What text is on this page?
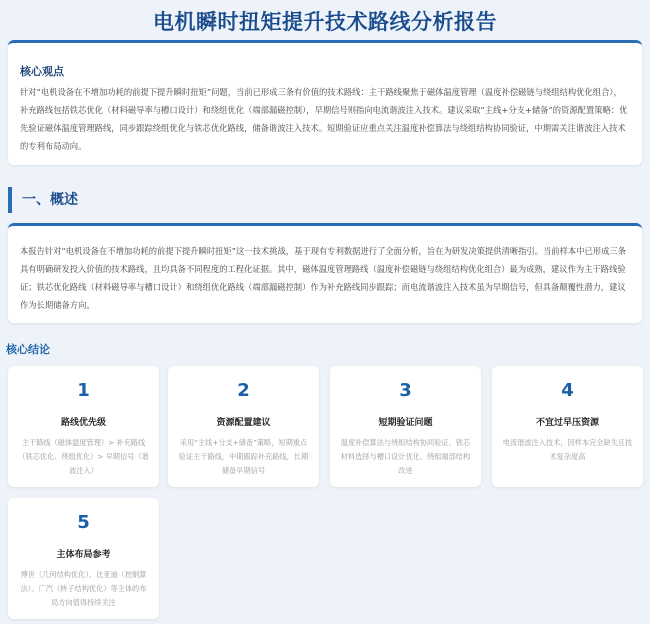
电机瞬时扭矩提升技术路线分析报告
核心观点
针对“电机设备在不增加功耗的前提下提升瞬时扭矩”问题，当前已形成三条有价值的技术路线：主干路线聚焦于磁体温度管理（温度补偿磁链与绕组结构优化组合），补充路线包括铁芯优化（材料磁导率与槽口设计）和绕组优化（端部漏磁控制），早期信号则指向电流谐波注入技术。建议采取“主线+分支+储备”的资源配置策略：优先验证磁体温度管理路线，同步跟踪绕组优化与铁芯优化路线，储备谐波注入技术。短期验证应重点关注温度补偿算法与绕组结构协同验证，中期需关注谐波注入技术的专利布局动向。
一、概述
本报告针对“电机设备在不增加功耗的前提下提升瞬时扭矩”这一技术挑战，基于现有专利数据进行了全面分析，旨在为研发决策提供清晰指引。当前样本中已形成三条具有明确研发投入价值的技术路线，且均具备不同程度的工程化证据。其中，磁体温度管理路线（温度补偿磁链与绕组结构优化组合）最为成熟，建议作为主干路线验证；铁芯优化路线（材料磁导率与槽口设计）和绕组优化路线（端部漏磁控制）作为补充路线同步跟踪；而电流谐波注入技术虽为早期信号，但具备颠覆性潜力，建议作为长期储备方向。
核心结论
1
路线优先级
主干路线（磁体温度管理）> 补充路线（铁芯优化、绕组优化）> 早期信号（谐波注入）
2
资源配置建议
采用“主线+分支+储备”策略，短期重点验证主干路线，中期跟踪补充路线，长期储备早期信号
3
短期验证问题
温度补偿算法与绕组结构协同验证、铁芯材料选择与槽口设计优化、绕组端部结构改进
4
不宜过早压资源
电流谐波注入技术，因样本完全缺失且技术复杂度高
5
主体布局参考
博世（几何结构优化）、比亚迪（控制算法）、广汽（转子结构优化）等主体的布局方向值得持续关注
